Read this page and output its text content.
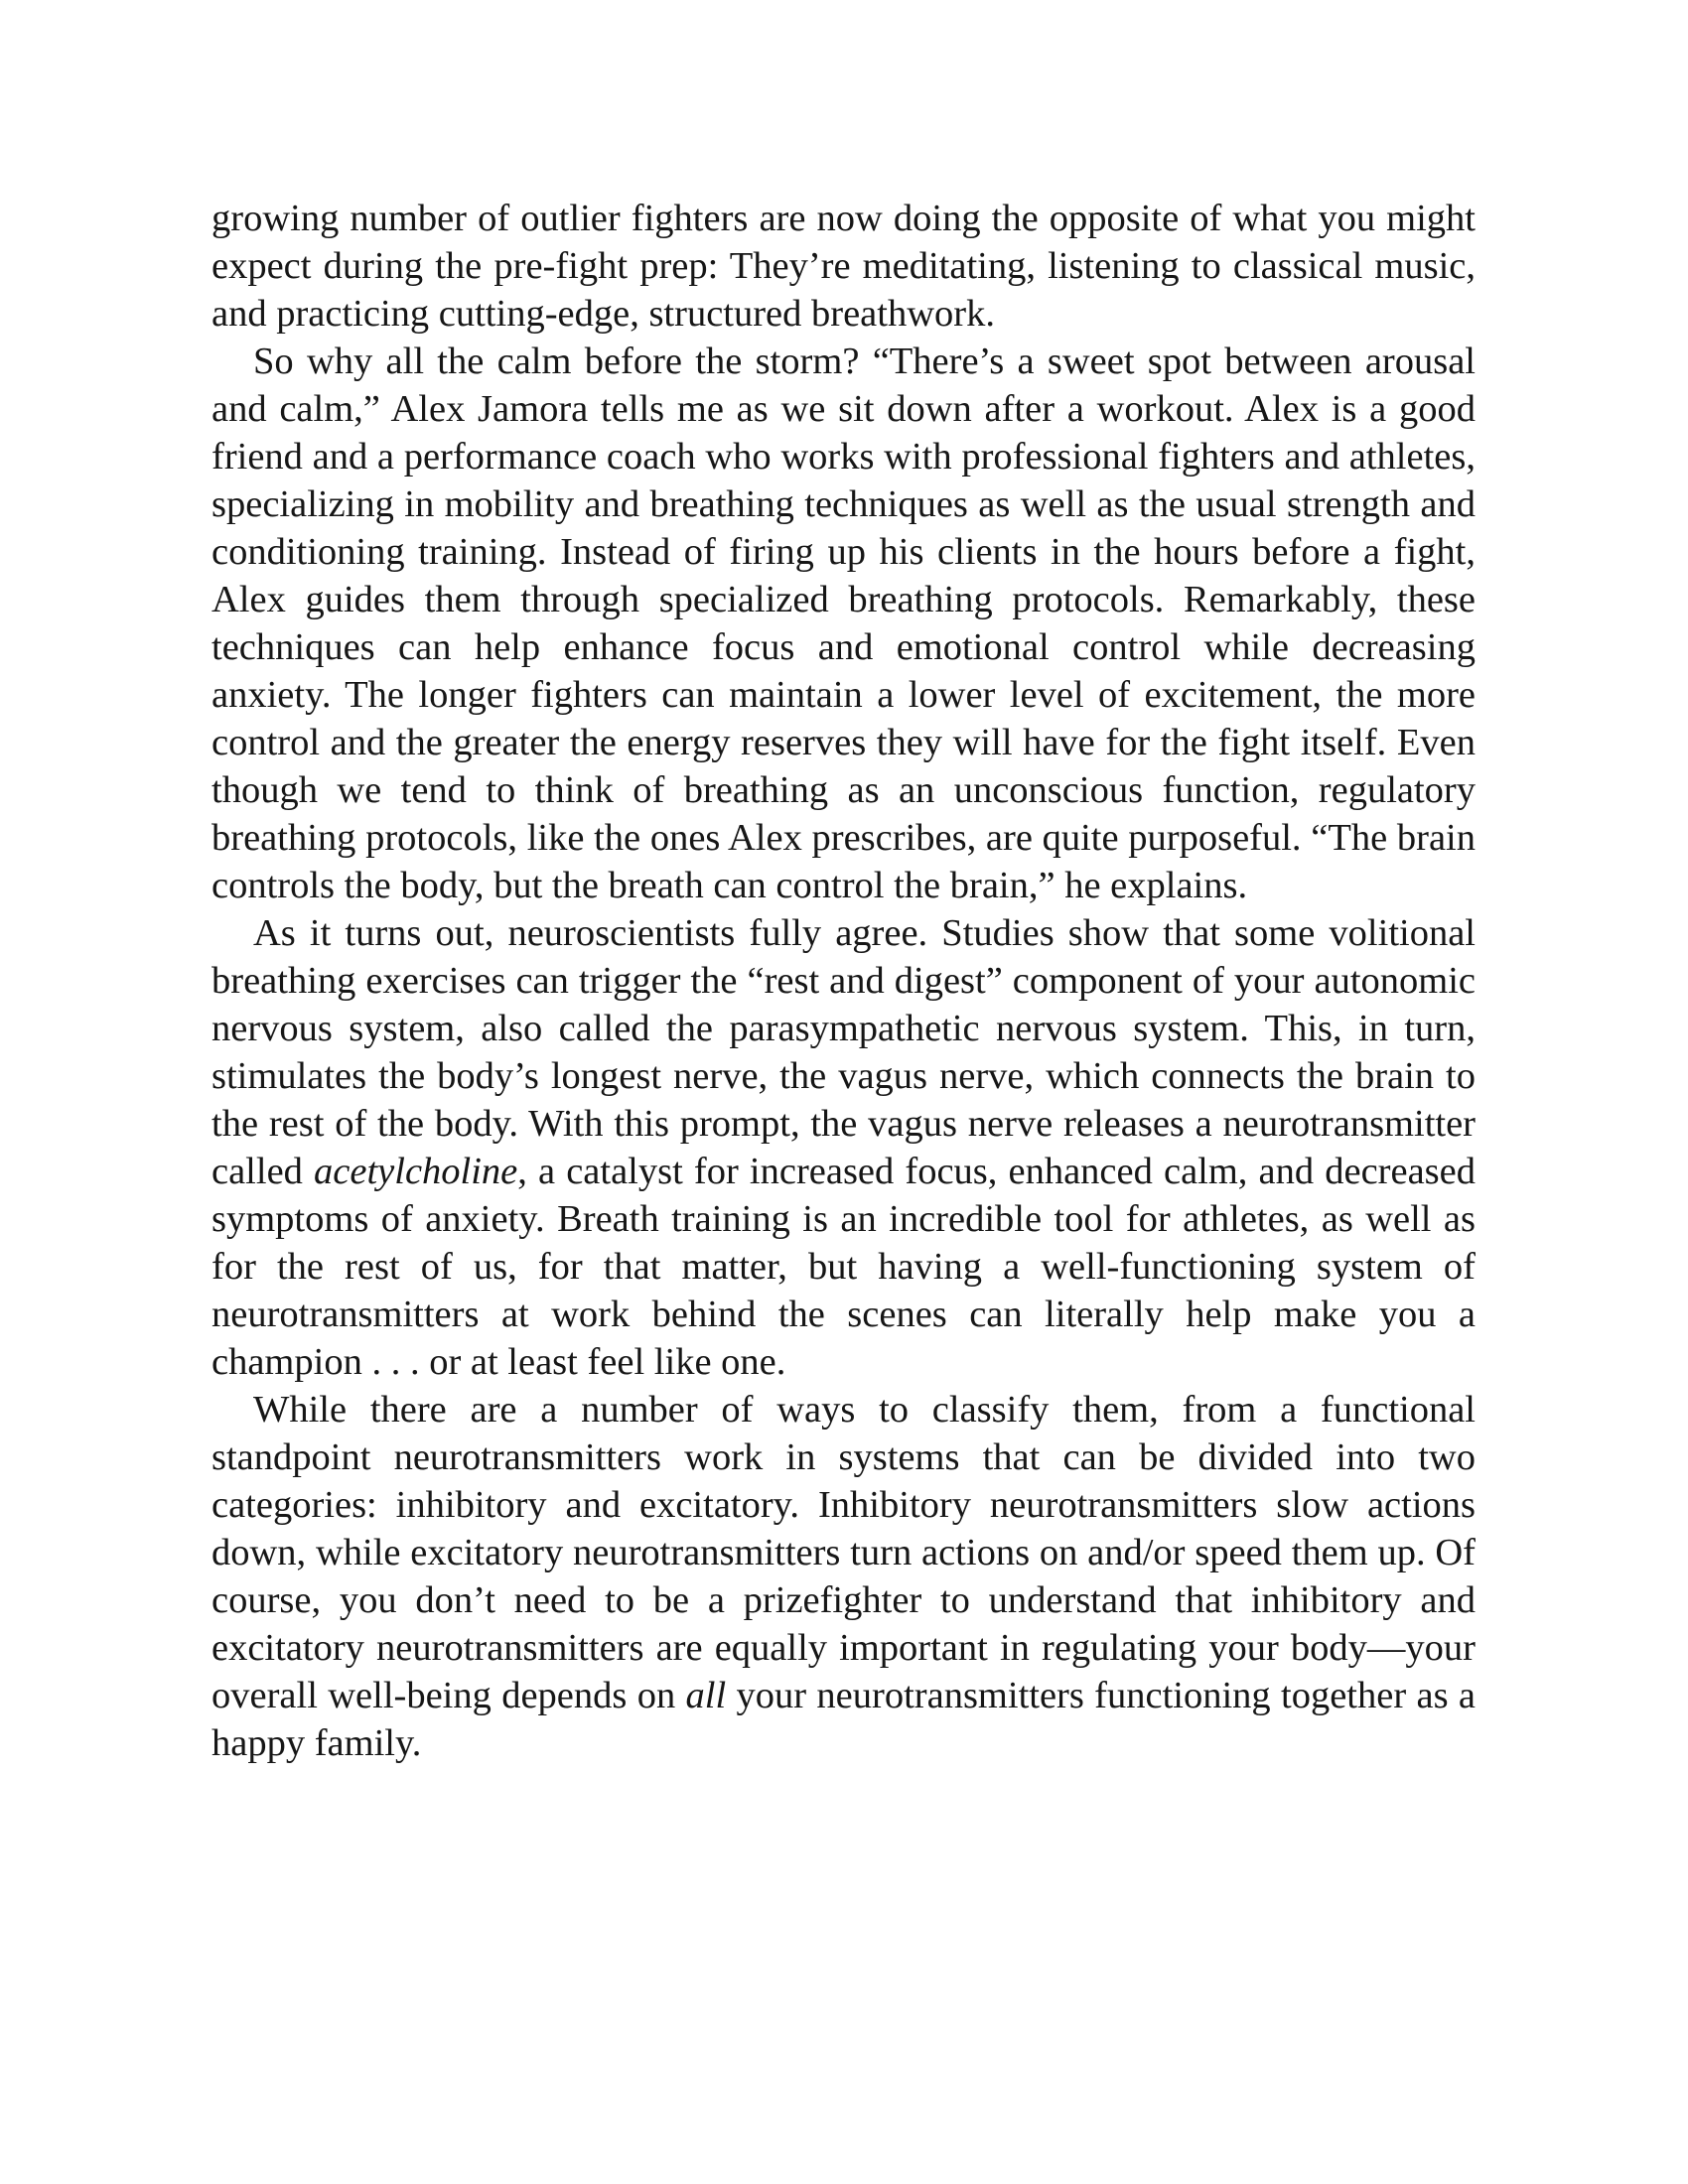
growing number of outlier fighters are now doing the opposite of what you might expect during the pre-fight prep: They’re meditating, listening to classical music, and practicing cutting-edge, structured breathwork.

So why all the calm before the storm? “There’s a sweet spot between arousal and calm,” Alex Jamora tells me as we sit down after a workout. Alex is a good friend and a performance coach who works with professional fighters and athletes, specializing in mobility and breathing techniques as well as the usual strength and conditioning training. Instead of firing up his clients in the hours before a fight, Alex guides them through specialized breathing protocols. Remarkably, these techniques can help enhance focus and emotional control while decreasing anxiety. The longer fighters can maintain a lower level of excitement, the more control and the greater the energy reserves they will have for the fight itself. Even though we tend to think of breathing as an unconscious function, regulatory breathing protocols, like the ones Alex prescribes, are quite purposeful. “The brain controls the body, but the breath can control the brain,” he explains.

As it turns out, neuroscientists fully agree. Studies show that some volitional breathing exercises can trigger the “rest and digest” component of your autonomic nervous system, also called the parasympathetic nervous system. This, in turn, stimulates the body’s longest nerve, the vagus nerve, which connects the brain to the rest of the body. With this prompt, the vagus nerve releases a neurotransmitter called acetylcholine, a catalyst for increased focus, enhanced calm, and decreased symptoms of anxiety. Breath training is an incredible tool for athletes, as well as for the rest of us, for that matter, but having a well-functioning system of neurotransmitters at work behind the scenes can literally help make you a champion . . . or at least feel like one.

While there are a number of ways to classify them, from a functional standpoint neurotransmitters work in systems that can be divided into two categories: inhibitory and excitatory. Inhibitory neurotransmitters slow actions down, while excitatory neurotransmitters turn actions on and/or speed them up. Of course, you don’t need to be a prizefighter to understand that inhibitory and excitatory neurotransmitters are equally important in regulating your body—your overall well-being depends on all your neurotransmitters functioning together as a happy family.
